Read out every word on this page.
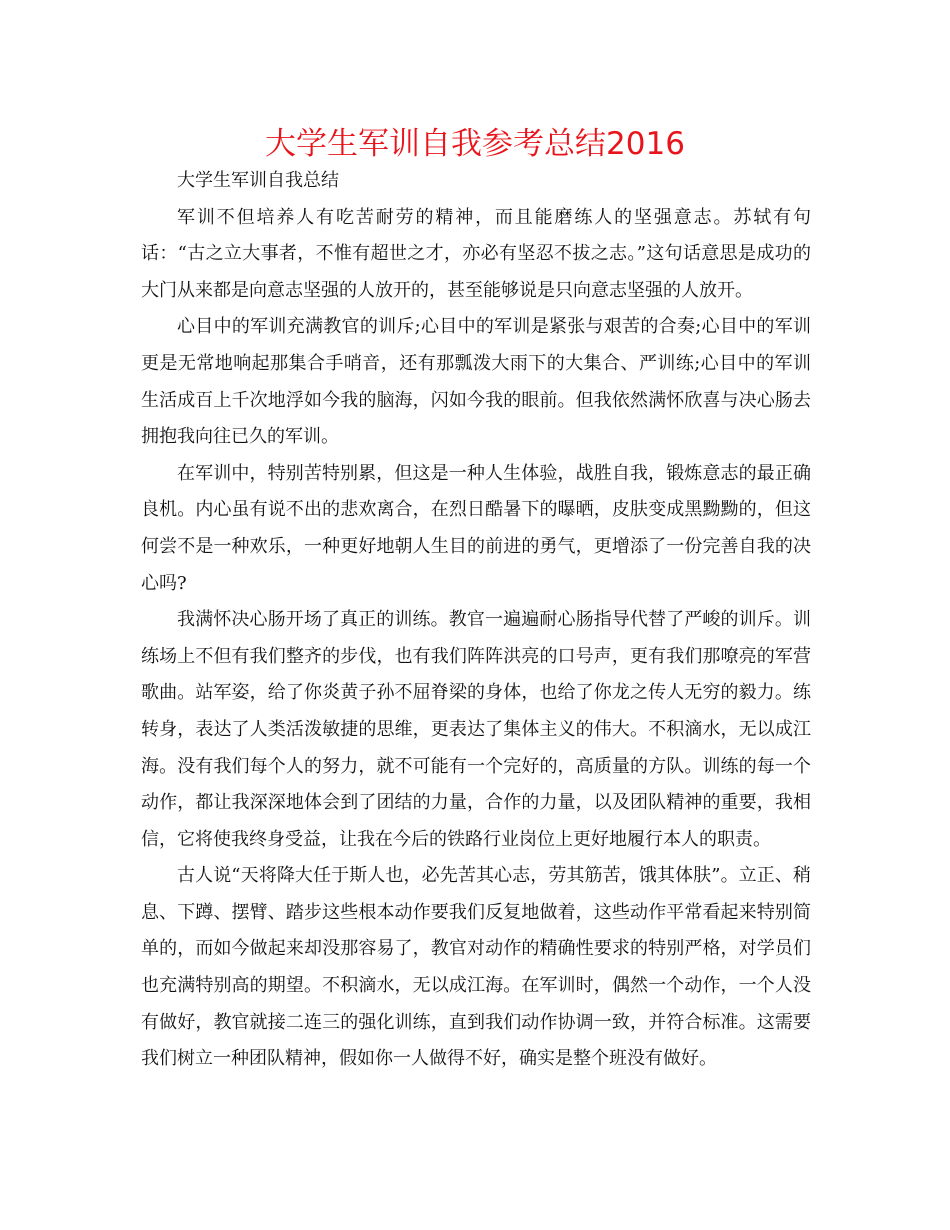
大学生军训自我参考总结2016

大学生军训自我总结

军训不但培养人有吃苦耐劳的精神，而且能磨练人的坚强意志。苏轼有句话：“古之立大事者，不惟有超世之才，亦必有坚忍不拔之志。”这句话意思是成功的大门从来都是向意志坚强的人放开的，甚至能够说是只向意志坚强的人放开。

心目中的军训充满教官的训斥;心目中的军训是紧张与艰苦的合奏;心目中的军训更是无常地响起那集合手哨音，还有那瓢泼大雨下的大集合、严训练;心目中的军训生活成百上千次地浮如今我的脑海，闪如今我的眼前。但我依然满怀欣喜与决心肠去拥抱我向往已久的军训。

在军训中，特别苦特别累，但这是一种人生体验，战胜自我，锻炼意志的最正确良机。内心虽有说不出的悲欢离合，在烈日酷暑下的曝晒，皮肤变成黑黝黝的，但这何尝不是一种欢乐，一种更好地朝人生目的前进的勇气，更增添了一份完善自我的决心吗?

我满怀决心肠开场了真正的训练。教官一遍遍耐心肠指导代替了严峻的训斥。训练场上不但有我们整齐的步伐，也有我们阵阵洪亮的口号声，更有我们那嘹亮的军营歌曲。站军姿，给了你炎黄子孙不屈脊梁的身体，也给了你龙之传人无穷的毅力。练转身，表达了人类活泼敏捷的思维，更表达了集体主义的伟大。不积滴水，无以成江海。没有我们每个人的努力，就不可能有一个完好的，高质量的方队。训练的每一个动作，都让我深深地体会到了团结的力量，合作的力量，以及团队精神的重要，我相信，它将使我终身受益，让我在今后的铁路行业岗位上更好地履行本人的职责。

古人说“天将降大任于斯人也，必先苦其心志，劳其筋苦，饿其体肤”。立正、稍息、下蹲、摆臂、踏步这些根本动作要我们反复地做着，这些动作平常看起来特别简单的，而如今做起来却没那容易了，教官对动作的精确性要求的特别严格，对学员们也充满特别高的期望。不积滴水，无以成江海。在军训时，偶然一个动作，一个人没有做好，教官就接二连三的强化训练，直到我们动作协调一致，并符合标准。这需要我们树立一种团队精神，假如你一人做得不好，确实是整个班没有做好。
